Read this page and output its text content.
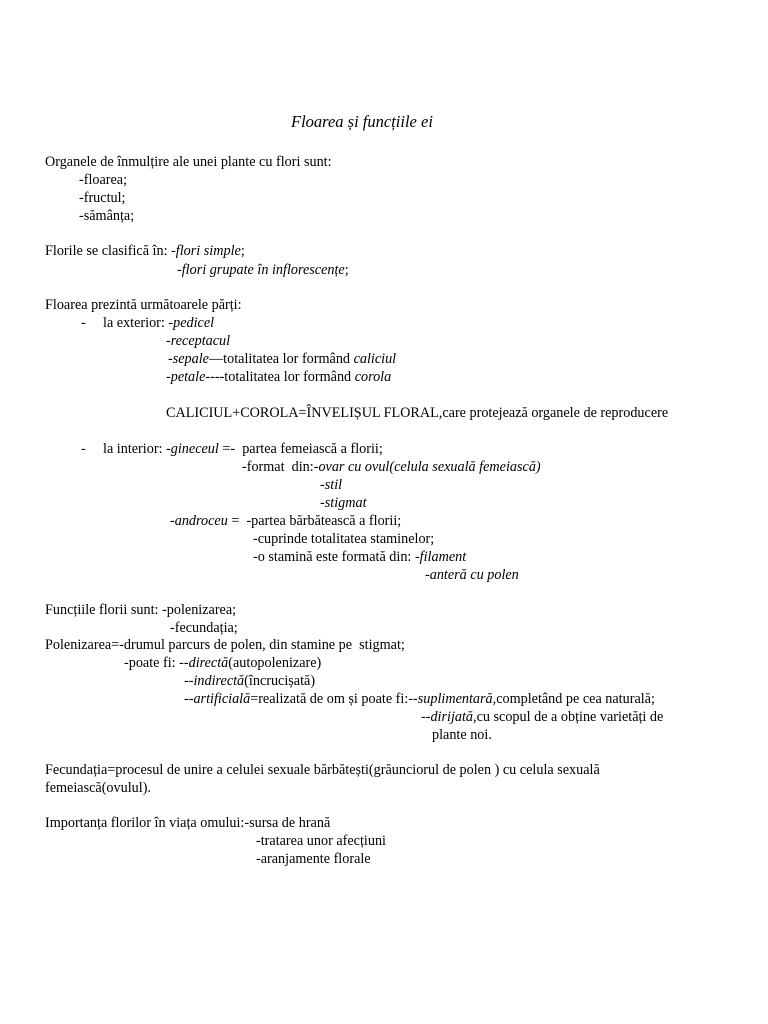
Floarea și funcțiile ei
Organele de înmulțire ale unei plante cu flori sunt:
-floarea;
-fructul;
-sămânța;
Florile se clasifică în: -flori simple;
-flori grupate în inflorescențe;
Floarea prezintă următoarele părți:
- la exterior: -pedicel
-receptacul
-sepale—totalitatea lor formând caliciul
-petale----totalitatea lor formând corola
CALICIUL+COROLA=ÎNVELIȘUL FLORAL,care protejează organele de reproducere
- la interior: -gineceul =-  partea femeiască a florii;
-format  din:-ovar cu ovul(celula sexuală femeiască)
-stil
-stigmat
-androceu =  -partea bărbătească a florii;
-cuprinde totalitatea staminelor;
-o stamină este formată din: -filament
-anteră cu polen
Funcțiile florii sunt: -polenizarea;
-fecundația;
Polenizarea=-drumul parcurs de polen, din stamine pe  stigmat;
-poate fi: --directă(autopolenizare)
--indirectă(încrucișată)
--artificială=realizată de om și poate fi:--suplimentară,completând pe cea naturală;
--dirijată,cu scopul de a obține varietăți de
plante noi.
Fecundația=procesul de unire a celulei sexuale bărbătești(grăunciorul de polen ) cu celula sexuală
femeiască(ovulul).
Importanța florilor în viața omului:-sursa de hrană
-tratarea unor afecțiuni
-aranjamente florale
